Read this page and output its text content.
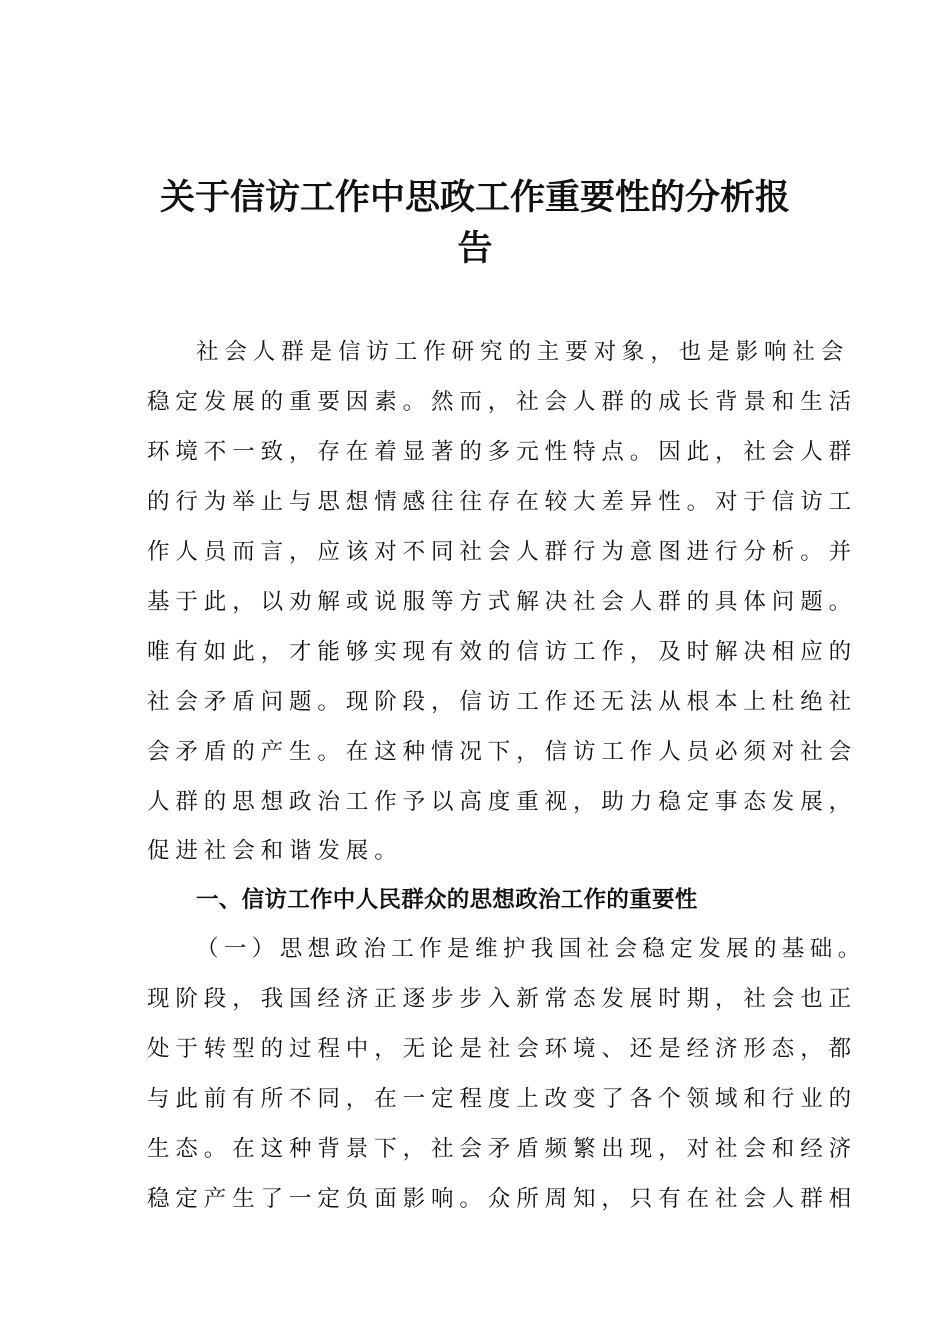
关于信访工作中思政工作重要性的分析报
告
社会人群是信访工作研究的主要对象，也是影响社会
稳定发展的重要因素。然而，社会人群的成长背景和生活
环境不一致，存在着显著的多元性特点。因此，社会人群
的行为举止与思想情感往往存在较大差异性。对于信访工
作人员而言，应该对不同社会人群行为意图进行分析。并
基于此，以劝解或说服等方式解决社会人群的具体问题。
唯有如此，才能够实现有效的信访工作，及时解决相应的
社会矛盾问题。现阶段，信访工作还无法从根本上杜绝社
会矛盾的产生。在这种情况下，信访工作人员必须对社会
人群的思想政治工作予以高度重视，助力稳定事态发展，
促进社会和谐发展。
一、信访工作中人民群众的思想政治工作的重要性
（一）思想政治工作是维护我国社会稳定发展的基础。
现阶段，我国经济正逐步步入新常态发展时期，社会也正
处于转型的过程中，无论是社会环境、还是经济形态，都
与此前有所不同，在一定程度上改变了各个领域和行业的
生态。在这种背景下，社会矛盾频繁出现，对社会和经济
稳定产生了一定负面影响。众所周知，只有在社会人群相
